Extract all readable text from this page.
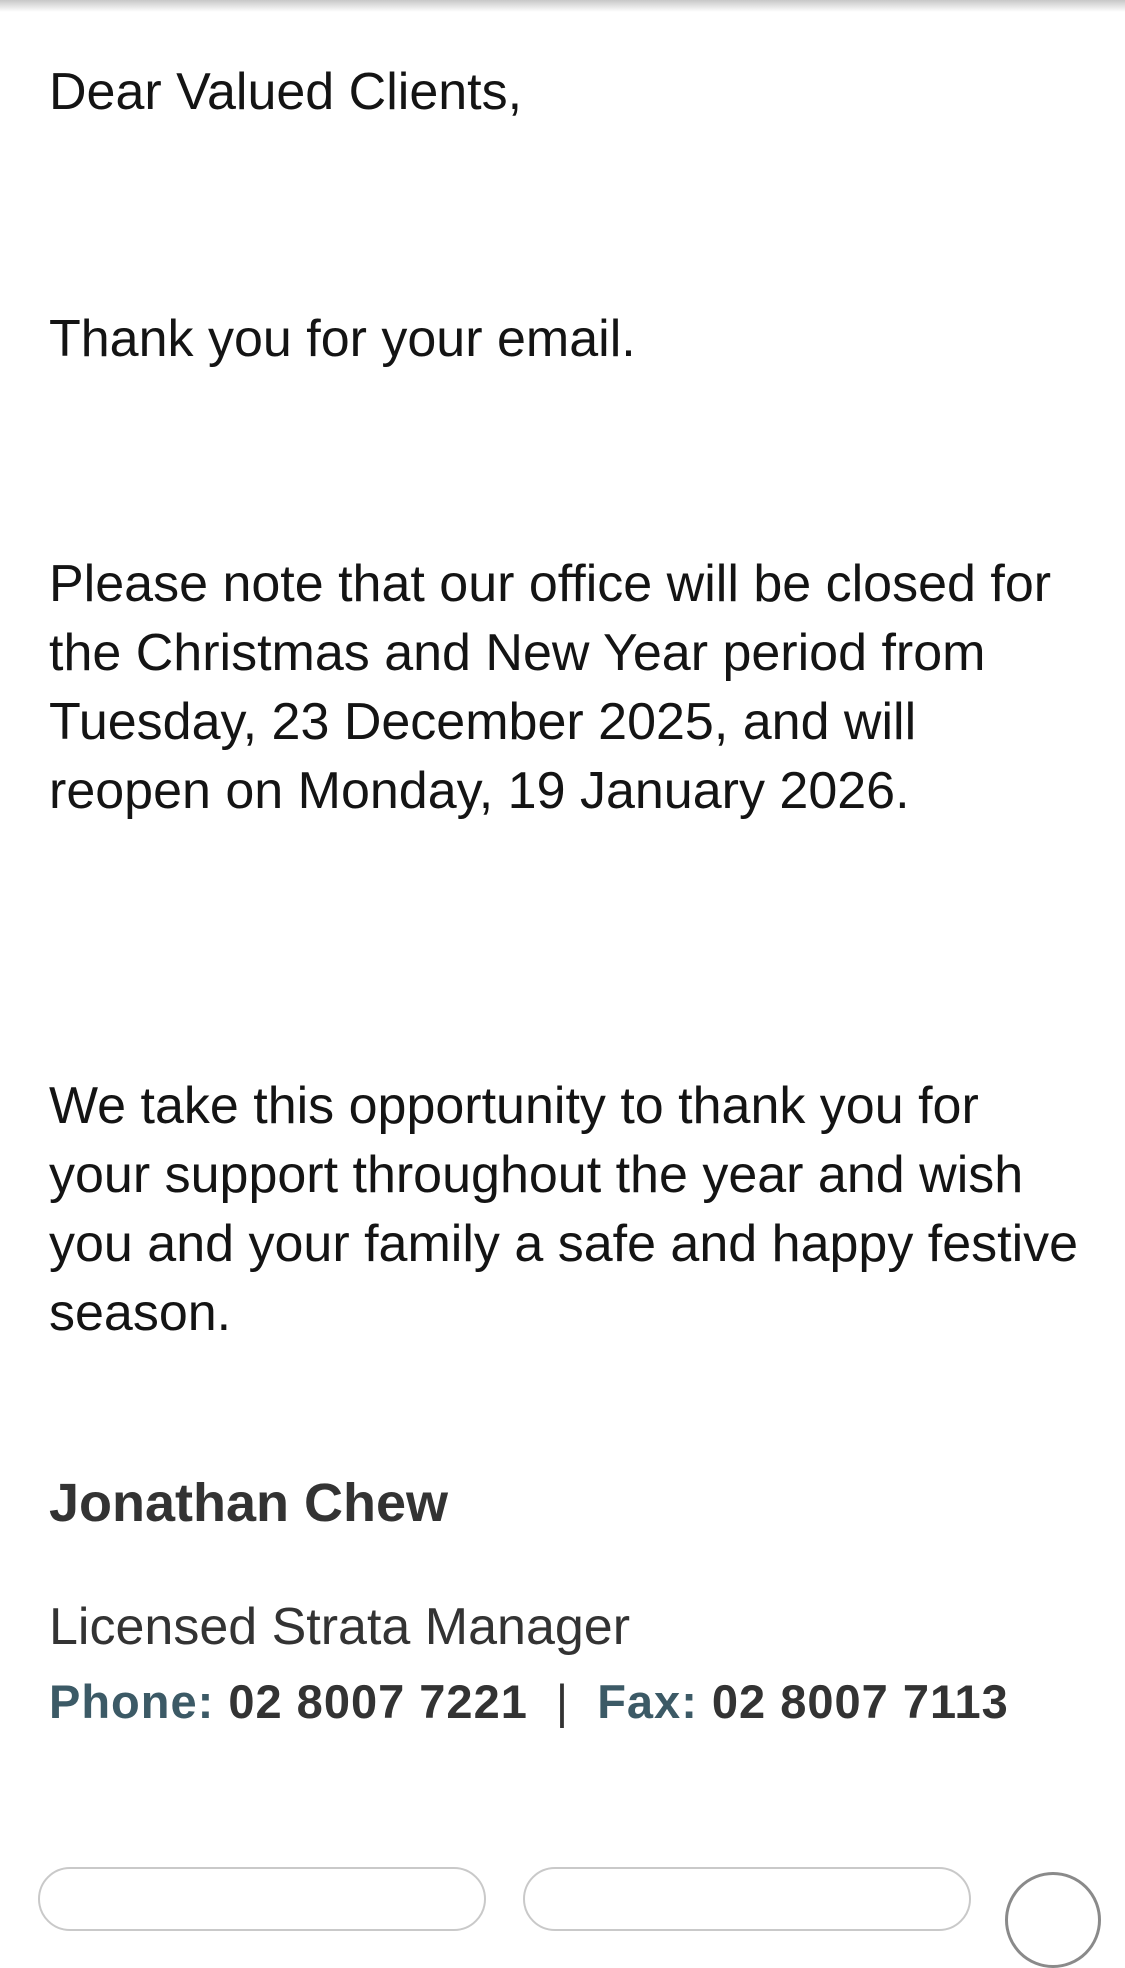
Dear Valued Clients,

Thank you for your email.

Please note that our office will be closed for the Christmas and New Year period from Tuesday, 23 December 2025, and will reopen on Monday, 19 January 2026.

We take this opportunity to thank you for your support throughout the year and wish you and your family a safe and happy festive season.

Jonathan Chew

Licensed Strata Manager

Phone: 02 8007 7221 | Fax: 02 8007 7113
